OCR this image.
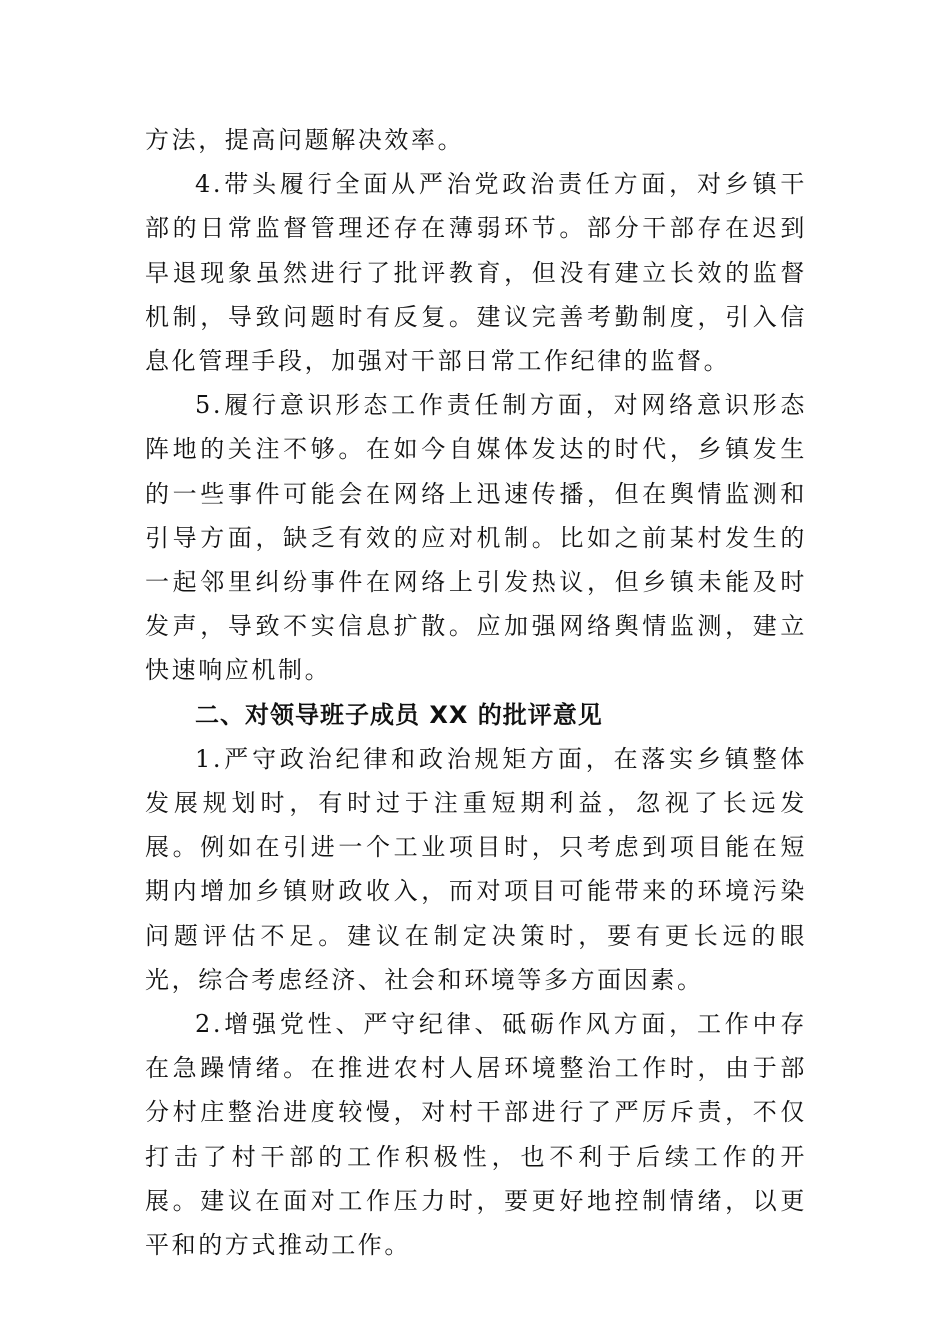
方法，提高问题解决效率。

4.带头履行全面从严治党政治责任方面，对乡镇干部的日常监督管理还存在薄弱环节。部分干部存在迟到早退现象虽然进行了批评教育，但没有建立长效的监督机制，导致问题时有反复。建议完善考勤制度，引入信息化管理手段，加强对干部日常工作纪律的监督。

5.履行意识形态工作责任制方面，对网络意识形态阵地的关注不够。在如今自媒体发达的时代，乡镇发生的一些事件可能会在网络上迅速传播，但在舆情监测和引导方面，缺乏有效的应对机制。比如之前某村发生的一起邻里纠纷事件在网络上引发热议，但乡镇未能及时发声，导致不实信息扩散。应加强网络舆情监测，建立快速响应机制。

二、对领导班子成员 XX 的批评意见

1.严守政治纪律和政治规矩方面，在落实乡镇整体发展规划时，有时过于注重短期利益，忽视了长远发展。例如在引进一个工业项目时，只考虑到项目能在短期内增加乡镇财政收入，而对项目可能带来的环境污染问题评估不足。建议在制定决策时，要有更长远的眼光，综合考虑经济、社会和环境等多方面因素。

2.增强党性、严守纪律、砥砺作风方面，工作中存在急躁情绪。在推进农村人居环境整治工作时，由于部分村庄整治进度较慢，对村干部进行了严厉斥责，不仅打击了村干部的工作积极性，也不利于后续工作的开展。建议在面对工作压力时，要更好地控制情绪，以更平和的方式推动工作。
